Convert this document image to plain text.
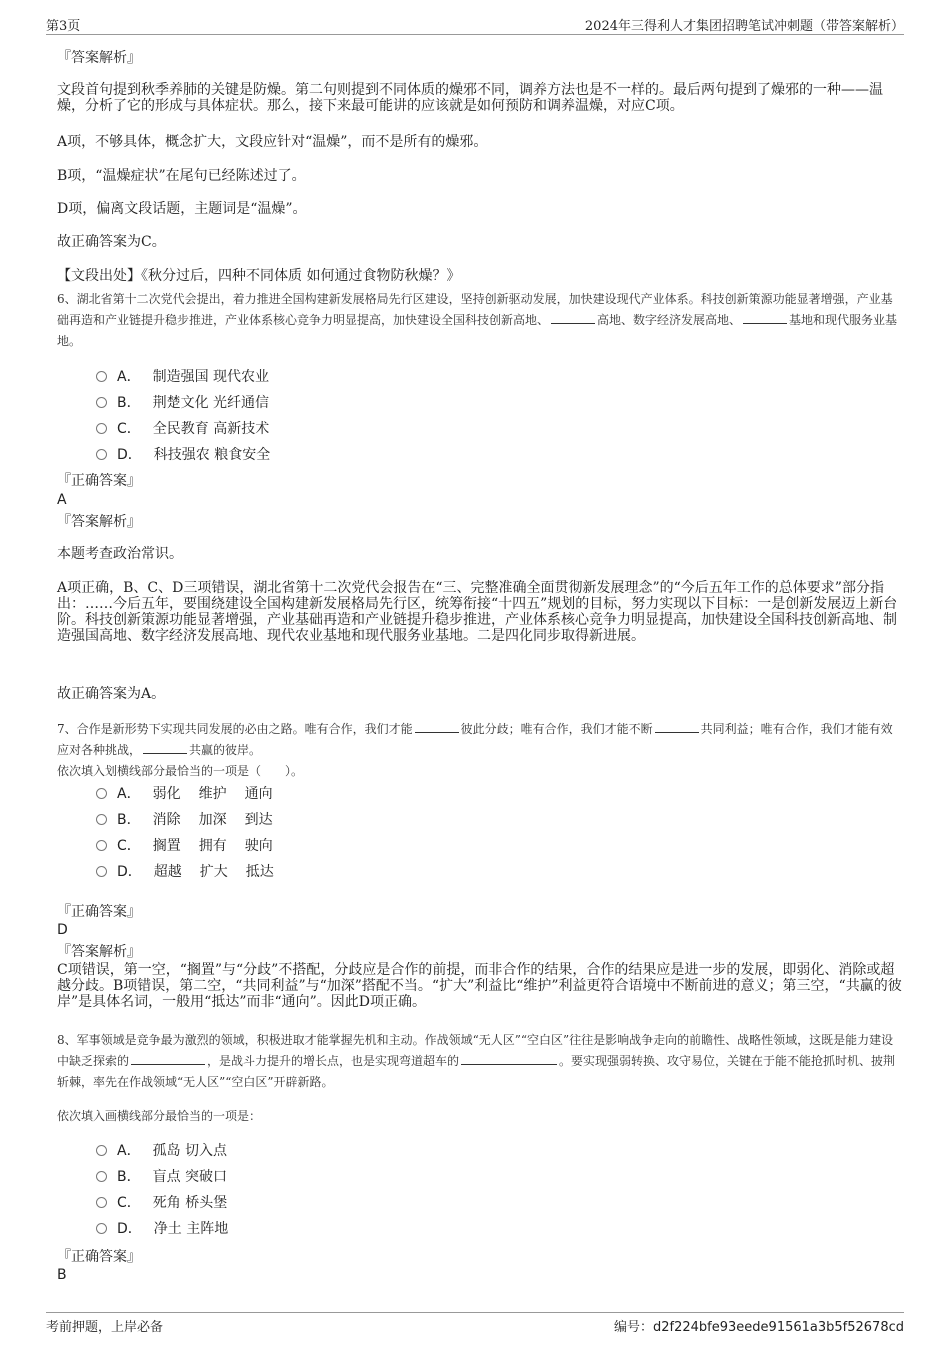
第3页	2024年三得利人才集团招聘笔试冲刺题（带答案解析）
『答案解析』
文段首句提到秋季养肺的关键是防燥。第二句则提到不同体质的燥邪不同，调养方法也是不一样的。最后两句提到了燥邪的一种——温燥，分析了它的形成与具体症状。那么，接下来最可能讲的应该就是如何预防和调养温燥，对应C项。
A项，不够具体，概念扩大，文段应针对“温燥”，而不是所有的燥邪。
B项，“温燥症状”在尾句已经陈述过了。
D项，偏离文段话题，主题词是“温燥”。
故正确答案为C。
【文段出处】《秋分过后，四种不同体质 如何通过食物防秋燥？》
6、湖北省第十二次党代会提出，着力推进全国构建新发展格局先行区建设，坚持创新驱动发展，加快建设现代产业体系。科技创新策源功能显著增强，产业基础再造和产业链提升稳步推进，产业体系核心竞争力明显提高，加快建设全国科技创新高地、	高地、数字经济发展高地、	基地和现代服务业基地。
A． 制造强国 现代农业
B． 荆楚文化 光纤通信
C． 全民教育 高新技术
D． 科技强农 粮食安全
『正确答案』
A
『答案解析』
本题考查政治常识。
A项正确，B、C、D三项错误，湖北省第十二次党代会报告在“三、完整准确全面贯彻新发展理念”的“今后五年工作的总体要求”部分指出：……今后五年，要围绕建设全国构建新发展格局先行区，统筹衔接“十四五”规划的目标，努力实现以下目标：一是创新发展迈上新台阶。科技创新策源功能显著增强，产业基础再造和产业链提升稳步推进，产业体系核心竞争力明显提高，加快建设全国科技创新高地、制造强国高地、数字经济发展高地、现代农业基地和现代服务业基地。二是四化同步取得新进展。
故正确答案为A。
7、合作是新形势下实现共同发展的必由之路。唯有合作，我们才能	彼此分歧；唯有合作，我们才能不断	共同利益；唯有合作，我们才能有效应对各种挑战，	共赢的彼岸。
依次填入划横线部分最恰当的一项是（　　）。
A． 弱化 维护 通向
B． 消除 加深 到达
C． 搁置 拥有 驶向
D． 超越 扩大 抵达
『正确答案』
D
『答案解析』
C项错误，第一空，“搁置”与“分歧”不搭配，分歧应是合作的前提，而非合作的结果，合作的结果应是进一步的发展，即弱化、消除或超越分歧。B项错误，第二空，“共同利益”与“加深”搭配不当。“扩大”利益比“维护”利益更符合语境中不断前进的意义；第三空，“共赢的彼岸”是具体名词，一般用“抵达”而非“通向”。因此D项正确。
8、军事领域是竞争最为激烈的领域，积极进取才能掌握先机和主动。作战领域“无人区”“空白区”往往是影响战争走向的前瞻性、战略性领域，这既是能力建设中缺乏探索的	，是战斗力提升的增长点，也是实现弯道超车的	。要实现强弱转换、攻守易位，关键在于能不能抢抓时机、披荆斩棘，率先在作战领域“无人区”“空白区”开辟新路。
依次填入画横线部分最恰当的一项是：
A． 孤岛 切入点
B． 盲点 突破口
C． 死角 桥头堡
D． 净土 主阵地
『正确答案』
B
考前押题，上岸必备	编号：d2f224bfe93eede91561a3b5f52678cd
